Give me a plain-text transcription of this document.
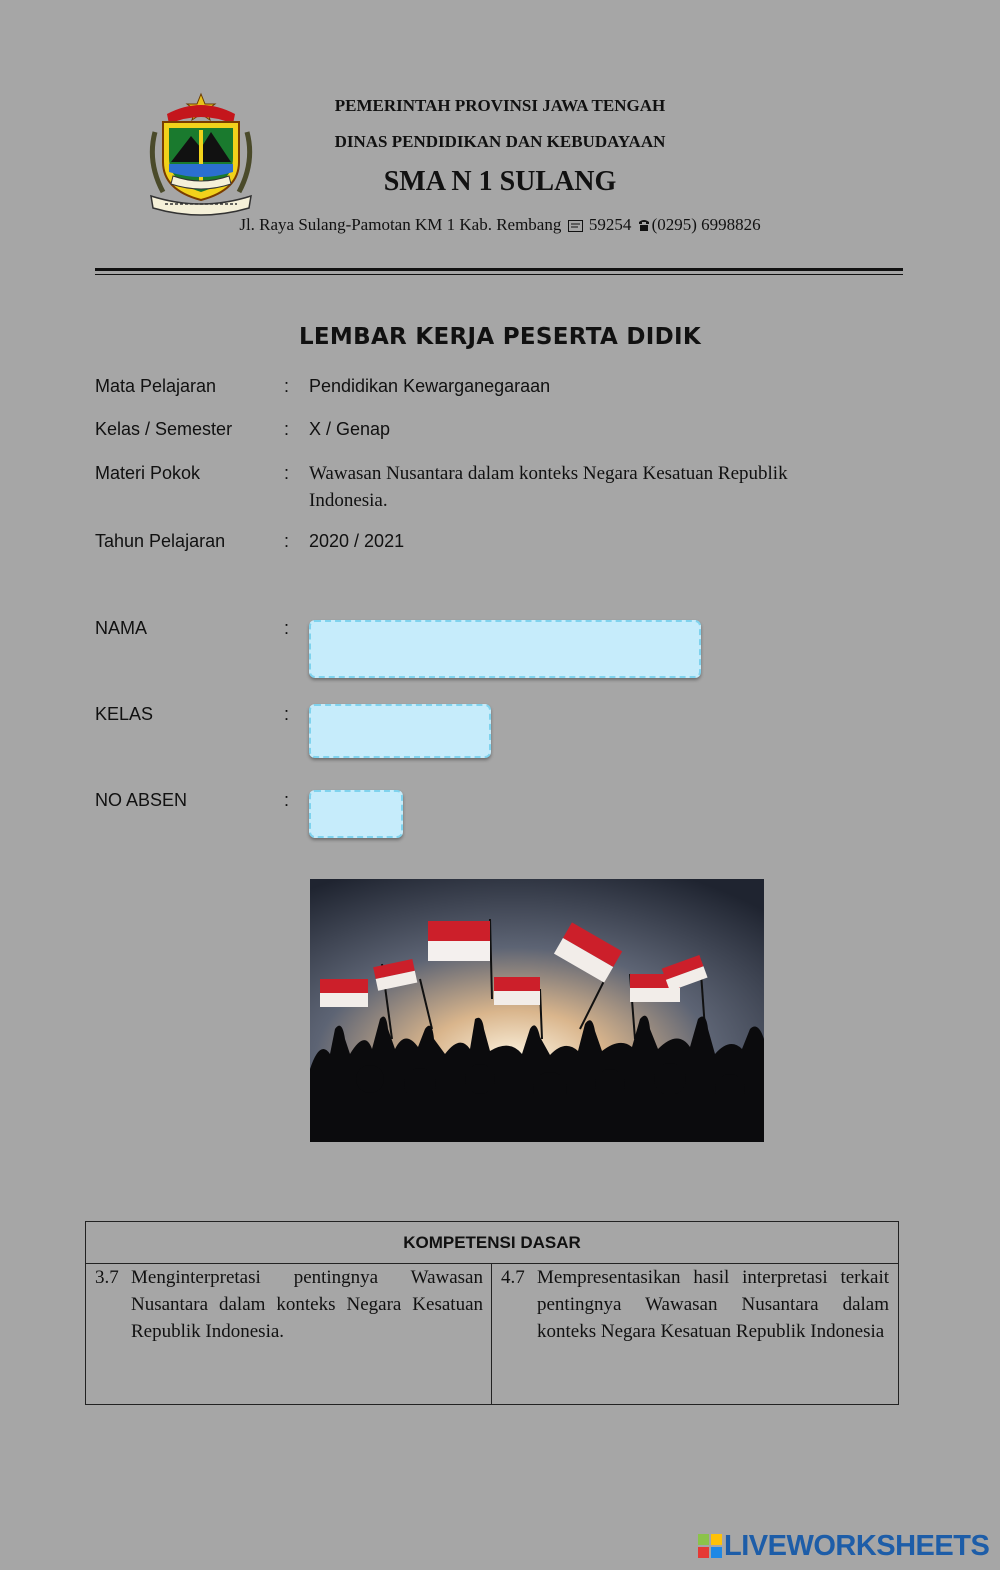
PEMERINTAH PROVINSI JAWA TENGAH
DINAS PENDIDIKAN DAN KEBUDAYAAN
SMA N 1 SULANG
Jl. Raya Sulang-Pamotan KM 1 Kab. Rembang 59254 (0295) 6998826
LEMBAR KERJA PESERTA DIDIK
Mata Pelajaran	: Pendidikan Kewarganegaraan
Kelas / Semester	: X / Genap
Materi Pokok	: Wawasan Nusantara dalam konteks Negara Kesatuan Republik Indonesia.
Tahun Pelajaran	: 2020 / 2021
NAMA	:
KELAS	:
NO ABSEN	:
KOMPETENSI DASAR
3.7 Menginterpretasi pentingnya Wawasan Nusantara dalam konteks Negara Kesatuan Republik Indonesia.
4.7 Mempresentasikan hasil interpretasi terkait pentingnya Wawasan Nusantara dalam konteks Negara Kesatuan Republik Indonesia
LIVEWORKSHEETS
